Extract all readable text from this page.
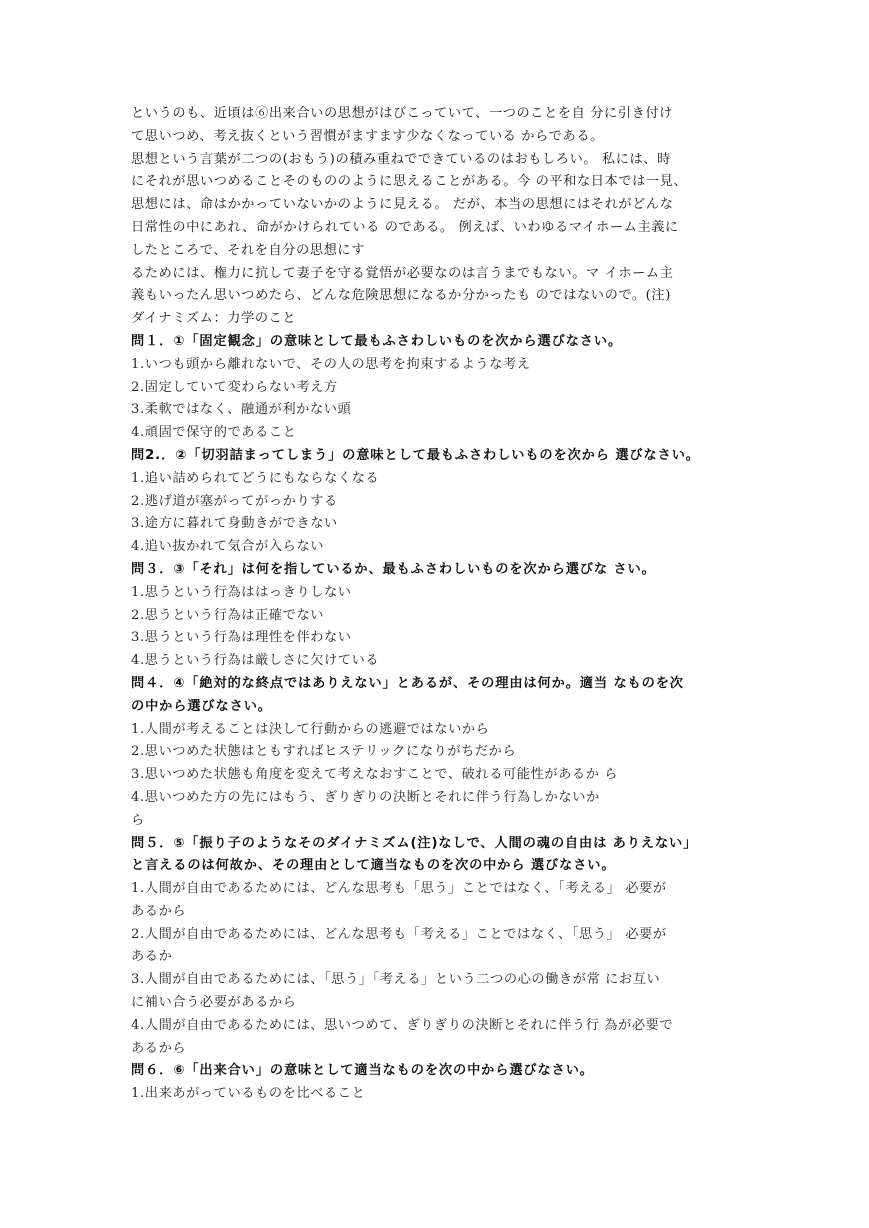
というのも、近頃は⑥出来合いの思想がはびこっていて、一つのことを自 分に引き付け
て思いつめ、考え抜くという習慣がますます少なくなっている からである。
思想という言葉が二つの(おもう)の積み重ねでできているのはおもしろい。 私には、時
にそれが思いつめることそのもののように思えることがある。今 の平和な日本では一見、
思想には、命はかかっていないかのように見える。 だが、本当の思想にはそれがどんな
日常性の中にあれ、命がかけられている のである。 例えば、いわゆるマイホーム主義に
したところで、それを自分の思想にす
るためには、権力に抗して妻子を守る覚悟が必要なのは言うまでもない。マ イホーム主
義もいったん思いつめたら、どんな危険思想になるか分かったも のではないので。(注)
ダイナミズム：力学のこと
問１．①「固定観念」の意味として最もふさわしいものを次から選びなさい。
1.いつも頭から離れないで、その人の思考を拘束するような考え
2.固定していて変わらない考え方
3.柔軟ではなく、融通が利かない頭
4.頑固で保守的であること
問2.．②「切羽詰まってしまう」の意味として最もふさわしいものを次から 選びなさい。
1.追い詰められてどうにもならなくなる
2.逃げ道が塞がってがっかりする
3.途方に暮れて身動きができない
4.追い抜かれて気合が入らない
問３．③「それ」は何を指しているか、最もふさわしいものを次から選びな さい。
1.思うという行為ははっきりしない
2.思うという行為は正確でない
3.思うという行為は理性を伴わない
4.思うという行為は厳しさに欠けている
問４．④「絶対的な終点ではありえない」とあるが、その理由は何か。適当 なものを次
の中から選びなさい。
1.人間が考えることは決して行動からの逃避ではないから
2.思いつめた状態はともすればヒステリックになりがちだから
3.思いつめた状態も角度を変えて考えなおすことで、破れる可能性があるか ら
4.思いつめた方の先にはもう、ぎりぎりの決断とそれに伴う行為しかないか
ら
問５．⑤「振り子のようなそのダイナミズム(注)なしで、人間の魂の自由は ありえない」
と言えるのは何故か、その理由として適当なものを次の中から 選びなさい。
1.人間が自由であるためには、どんな思考も「思う」ことではなく、「考える」 必要が
あるから
2.人間が自由であるためには、どんな思考も「考える」ことではなく、「思う」 必要が
あるか
3.人間が自由であるためには、「思う」「考える」という二つの心の働きが常 にお互い
に補い合う必要があるから
4.人間が自由であるためには、思いつめて、ぎりぎりの決断とそれに伴う行 為が必要で
あるから
問６．⑥「出来合い」の意味として適当なものを次の中から選びなさい。
1.出来あがっているものを比べること
